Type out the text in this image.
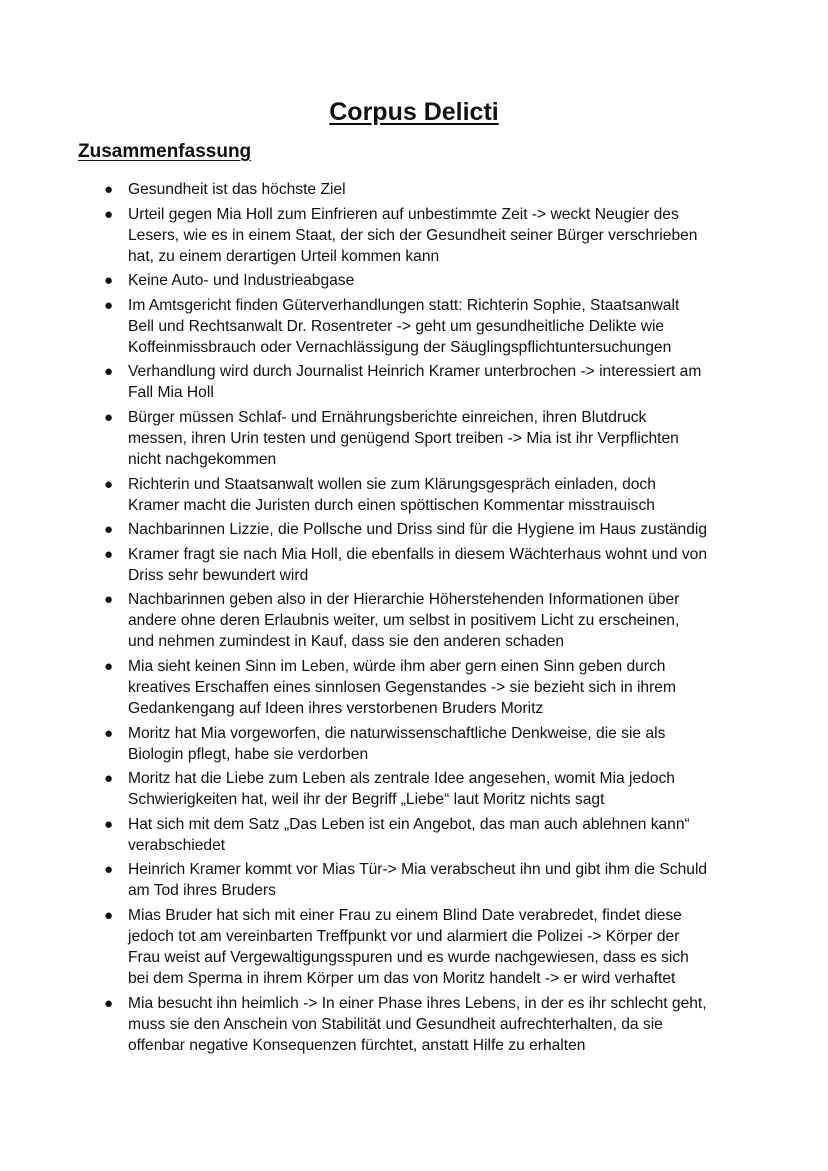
Corpus Delicti
Zusammenfassung
● Gesundheit ist das höchste Ziel
● Urteil gegen Mia Holl zum Einfrieren auf unbestimmte Zeit -> weckt Neugier des
Lesers, wie es in einem Staat, der sich der Gesundheit seiner Bürger verschrieben
hat, zu einem derartigen Urteil kommen kann
● Keine Auto- und Industrieabgase
● Im Amtsgericht finden Güterverhandlungen statt: Richterin Sophie, Staatsanwalt
Bell und Rechtsanwalt Dr. Rosentreter -> geht um gesundheitliche Delikte wie
Koffeinmissbrauch oder Vernachlässigung der Säuglingspflichtuntersuchungen
● Verhandlung wird durch Journalist Heinrich Kramer unterbrochen -> interessiert am
Fall Mia Holl
● Bürger müssen Schlaf- und Ernährungsberichte einreichen, ihren Blutdruck
messen, ihren Urin testen und genügend Sport treiben -> Mia ist ihr Verpflichten
nicht nachgekommen
● Richterin und Staatsanwalt wollen sie zum Klärungsgespräch einladen, doch
Kramer macht die Juristen durch einen spöttischen Kommentar misstrauisch
● Nachbarinnen Lizzie, die Pollsche und Driss sind für die Hygiene im Haus zuständig
● Kramer fragt sie nach Mia Holl, die ebenfalls in diesem Wächterhaus wohnt und von
Driss sehr bewundert wird
● Nachbarinnen geben also in der Hierarchie Höherstehenden Informationen über
andere ohne deren Erlaubnis weiter, um selbst in positivem Licht zu erscheinen,
und nehmen zumindest in Kauf, dass sie den anderen schaden
● Mia sieht keinen Sinn im Leben, würde ihm aber gern einen Sinn geben durch
kreatives Erschaffen eines sinnlosen Gegenstandes -> sie bezieht sich in ihrem
Gedankengang auf Ideen ihres verstorbenen Bruders Moritz
● Moritz hat Mia vorgeworfen, die naturwissenschaftliche Denkweise, die sie als
Biologin pflegt, habe sie verdorben
● Moritz hat die Liebe zum Leben als zentrale Idee angesehen, womit Mia jedoch
Schwierigkeiten hat, weil ihr der Begriff „Liebe“ laut Moritz nichts sagt
● Hat sich mit dem Satz „Das Leben ist ein Angebot, das man auch ablehnen kann“
verabschiedet
● Heinrich Kramer kommt vor Mias Tür-> Mia verabscheut ihn und gibt ihm die Schuld
am Tod ihres Bruders
● Mias Bruder hat sich mit einer Frau zu einem Blind Date verabredet, findet diese
jedoch tot am vereinbarten Treffpunkt vor und alarmiert die Polizei -> Körper der
Frau weist auf Vergewaltigungsspuren und es wurde nachgewiesen, dass es sich
bei dem Sperma in ihrem Körper um das von Moritz handelt -> er wird verhaftet
● Mia besucht ihn heimlich -> In einer Phase ihres Lebens, in der es ihr schlecht geht,
muss sie den Anschein von Stabilität und Gesundheit aufrechterhalten, da sie
offenbar negative Konsequenzen fürchtet, anstatt Hilfe zu erhalten
